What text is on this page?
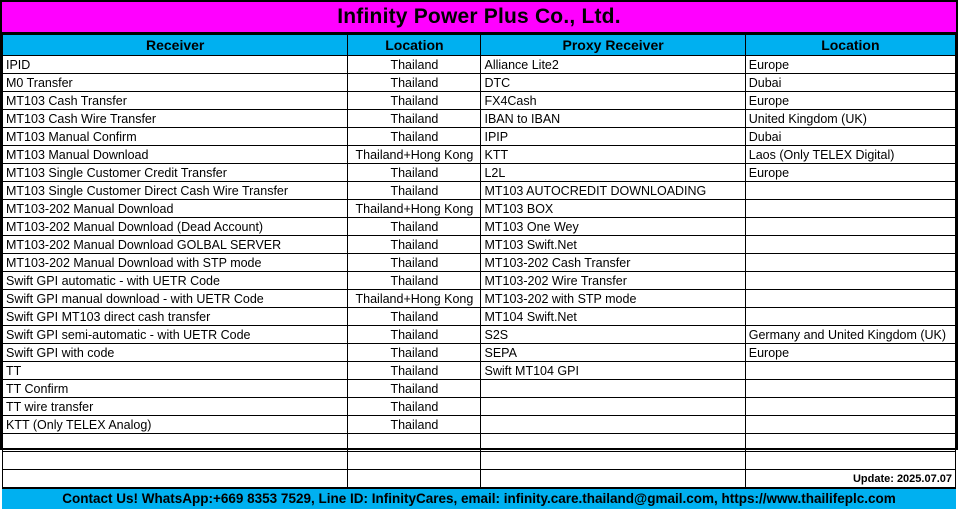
Infinity Power Plus Co., Ltd.
Receiver	Location	Proxy Receiver	Location
IPID	Thailand	Alliance Lite2	Europe
M0 Transfer	Thailand	DTC	Dubai
MT103 Cash Transfer	Thailand	FX4Cash	Europe
MT103 Cash Wire Transfer	Thailand	IBAN to IBAN	United Kingdom (UK)
MT103 Manual Confirm	Thailand	IPIP	Dubai
MT103 Manual Download	Thailand+Hong Kong	KTT	Laos (Only TELEX Digital)
MT103 Single Customer Credit Transfer	Thailand	L2L	Europe
MT103 Single Customer Direct Cash Wire Transfer	Thailand	MT103 AUTOCREDIT DOWNLOADING	
MT103-202 Manual Download	Thailand+Hong Kong	MT103 BOX	
MT103-202 Manual Download (Dead Account)	Thailand	MT103 One Wey	
MT103-202 Manual Download GOLBAL SERVER	Thailand	MT103 Swift.Net	
MT103-202 Manual Download with STP mode	Thailand	MT103-202 Cash Transfer	
Swift GPI automatic - with UETR Code	Thailand	MT103-202 Wire Transfer	
Swift GPI manual download - with UETR Code	Thailand+Hong Kong	MT103-202 with STP mode	
Swift GPI MT103 direct cash transfer	Thailand	MT104 Swift.Net	
Swift GPI semi-automatic - with UETR Code	Thailand	S2S	Germany and United Kingdom (UK)
Swift GPI with code	Thailand	SEPA	Europe
TT	Thailand	Swift MT104 GPI	
TT Confirm	Thailand		
TT wire transfer	Thailand		
KTT (Only TELEX Analog)	Thailand		

			Update: 2025.07.07
Contact Us! WhatsApp:+669 8353 7529, Line ID: InfinityCares, email: infinity.care.thailand@gmail.com, https://www.thailifeplc.com
